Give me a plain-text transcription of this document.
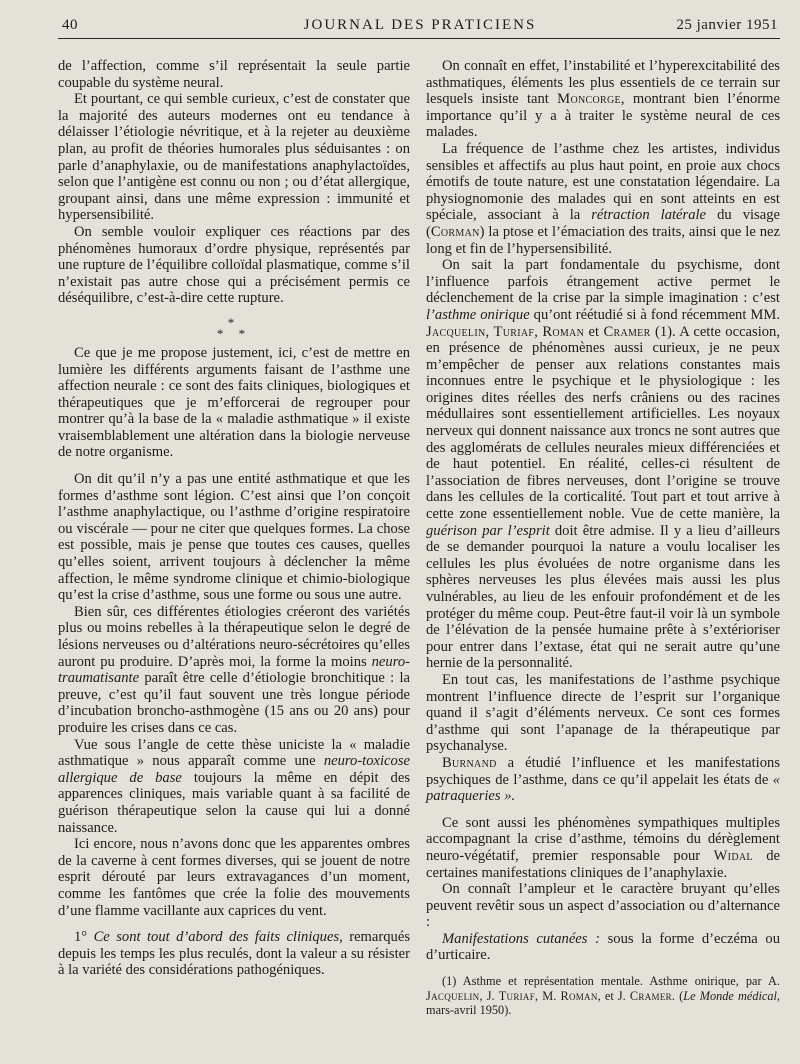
40	JOURNAL DES PRATICIENS	25 janvier 1951

de l’affection, comme s’il représentait la seule partie coupable du système neural.

Et pourtant, ce qui semble curieux, c’est de constater que la majorité des auteurs modernes ont eu tendance à délaisser l’étiologie névritique, et à la rejeter au deuxième plan, au profit de théories humorales plus séduisantes : on parle d’anaphylaxie, ou de manifestations anaphylactoïdes, selon que l’antigène est connu ou non ; ou d’état allergique, groupant ainsi, dans une même expression : immunité et hypersensibilité.

On semble vouloir expliquer ces réactions par des phénomènes humoraux d’ordre physique, représentés par une rupture de l’équilibre colloïdal plasmatique, comme s’il n’existait pas autre chose qui a précisément permis ce déséquilibre, c’est-à-dire cette rupture.

*
* *

Ce que je me propose justement, ici, c’est de mettre en lumière les différents arguments faisant de l’asthme une affection neurale : ce sont des faits cliniques, biologiques et thérapeutiques que je m’efforcerai de regrouper pour montrer qu’à la base de la « maladie asthmatique » il existe vraisemblablement une altération dans la biologie nerveuse de notre organisme.

On dit qu’il n’y a pas une entité asthmatique et que les formes d’asthme sont légion. C’est ainsi que l’on conçoit l’asthme anaphylactique, ou l’asthme d’origine respiratoire ou viscérale — pour ne citer que quelques formes. La chose est possible, mais je pense que toutes ces causes, quelles qu’elles soient, arrivent toujours à déclencher la même affection, le même syndrome clinique et chimio-biologique qu’est la crise d’asthme, sous une forme ou sous une autre.

Bien sûr, ces différentes étiologies créeront des variétés plus ou moins rebelles à la thérapeutique selon le degré de lésions nerveuses ou d’altérations neuro-sécrétoires qu’elles auront pu produire. D’après moi, la forme la moins neuro-traumatisante paraît être celle d’étiologie bronchitique : la preuve, c’est qu’il faut souvent une très longue période d’incubation broncho-asthmogène (15 ans ou 20 ans) pour produire les crises dans ce cas.

Vue sous l’angle de cette thèse uniciste la « maladie asthmatique » nous apparaît comme une neuro-toxicose allergique de base toujours la même en dépit des apparences cliniques, mais variable quant à sa facilité de guérison thérapeutique selon la cause qui lui a donné naissance.

Ici encore, nous n’avons donc que les apparentes ombres de la caverne à cent formes diverses, qui se jouent de notre esprit dérouté par leurs extravagances d’un moment, comme les fantômes que crée la folie des mouvements d’une flamme vacillante aux caprices du vent.

1° Ce sont tout d’abord des faits cliniques, remarqués depuis les temps les plus reculés, dont la valeur a su résister à la variété des considérations pathogéniques.

On connaît en effet, l’instabilité et l’hyperexcitabilité des asthmatiques, éléments les plus essentiels de ce terrain sur lesquels insiste tant Moncorge, montrant bien l’énorme importance qu’il y a à traiter le système neural de ces malades.

La fréquence de l’asthme chez les artistes, individus sensibles et affectifs au plus haut point, en proie aux chocs émotifs de toute nature, est une constatation légendaire. La physiognomonie des malades qui en sont atteints en est spéciale, associant à la rétraction latérale du visage (Corman) la ptose et l’émaciation des traits, ainsi que le nez long et fin de l’hypersensibilité.

On sait la part fondamentale du psychisme, dont l’influence parfois étrangement active permet le déclenchement de la crise par la simple imagination : c’est l’asthme onirique qu’ont réétudié si à fond récemment MM. Jacquelin, Turiaf, Roman et Cramer (1). A cette occasion, en présence de phénomènes aussi curieux, je ne peux m’empêcher de penser aux relations constantes mais inconnues entre le psychique et le physiologique : les origines dites réelles des nerfs crâniens ou des racines médullaires sont essentiellement artificielles. Les noyaux nerveux qui donnent naissance aux troncs ne sont autres que des agglomérats de cellules neurales mieux différenciées et de haut potentiel. En réalité, celles-ci résultent de l’association de fibres nerveuses, dont l’origine se trouve dans les cellules de la corticalité. Tout part et tout arrive à cette zone essentiellement noble. Vue de cette manière, la guérison par l’esprit doit être admise. Il y a lieu d’ailleurs de se demander pourquoi la nature a voulu localiser les cellules les plus évoluées de notre organisme dans les sphères nerveuses les plus élevées mais aussi les plus vulnérables, au lieu de les enfouir profondément et de les protéger du même coup. Peut-être faut-il voir là un symbole de l’élévation de la pensée humaine prête à s’extérioriser pour entrer dans l’extase, état qui ne serait autre qu’une hernie de la personnalité.

En tout cas, les manifestations de l’asthme psychique montrent l’influence directe de l’esprit sur l’organique quand il s’agit d’éléments nerveux. Ce sont ces formes d’asthme qui sont l’apanage de la thérapeutique par psychanalyse.

Burnand a étudié l’influence et les manifestations psychiques de l’asthme, dans ce qu’il appelait les états de « patraqueries ».

Ce sont aussi les phénomènes sympathiques multiples accompagnant la crise d’asthme, témoins du dérèglement neuro-végétatif, premier responsable pour Widal de certaines manifestations cliniques de l’anaphylaxie.

On connaît l’ampleur et le caractère bruyant qu’elles peuvent revêtir sous un aspect d’association ou d’alternance :

Manifestations cutanées : sous la forme d’eczéma ou d’urticaire.

(1) Asthme et représentation mentale. Asthme onirique, par A. Jacquelin, J. Turiaf, M. Roman, et J. Cramer. (Le Monde médical, mars-avril 1950).
